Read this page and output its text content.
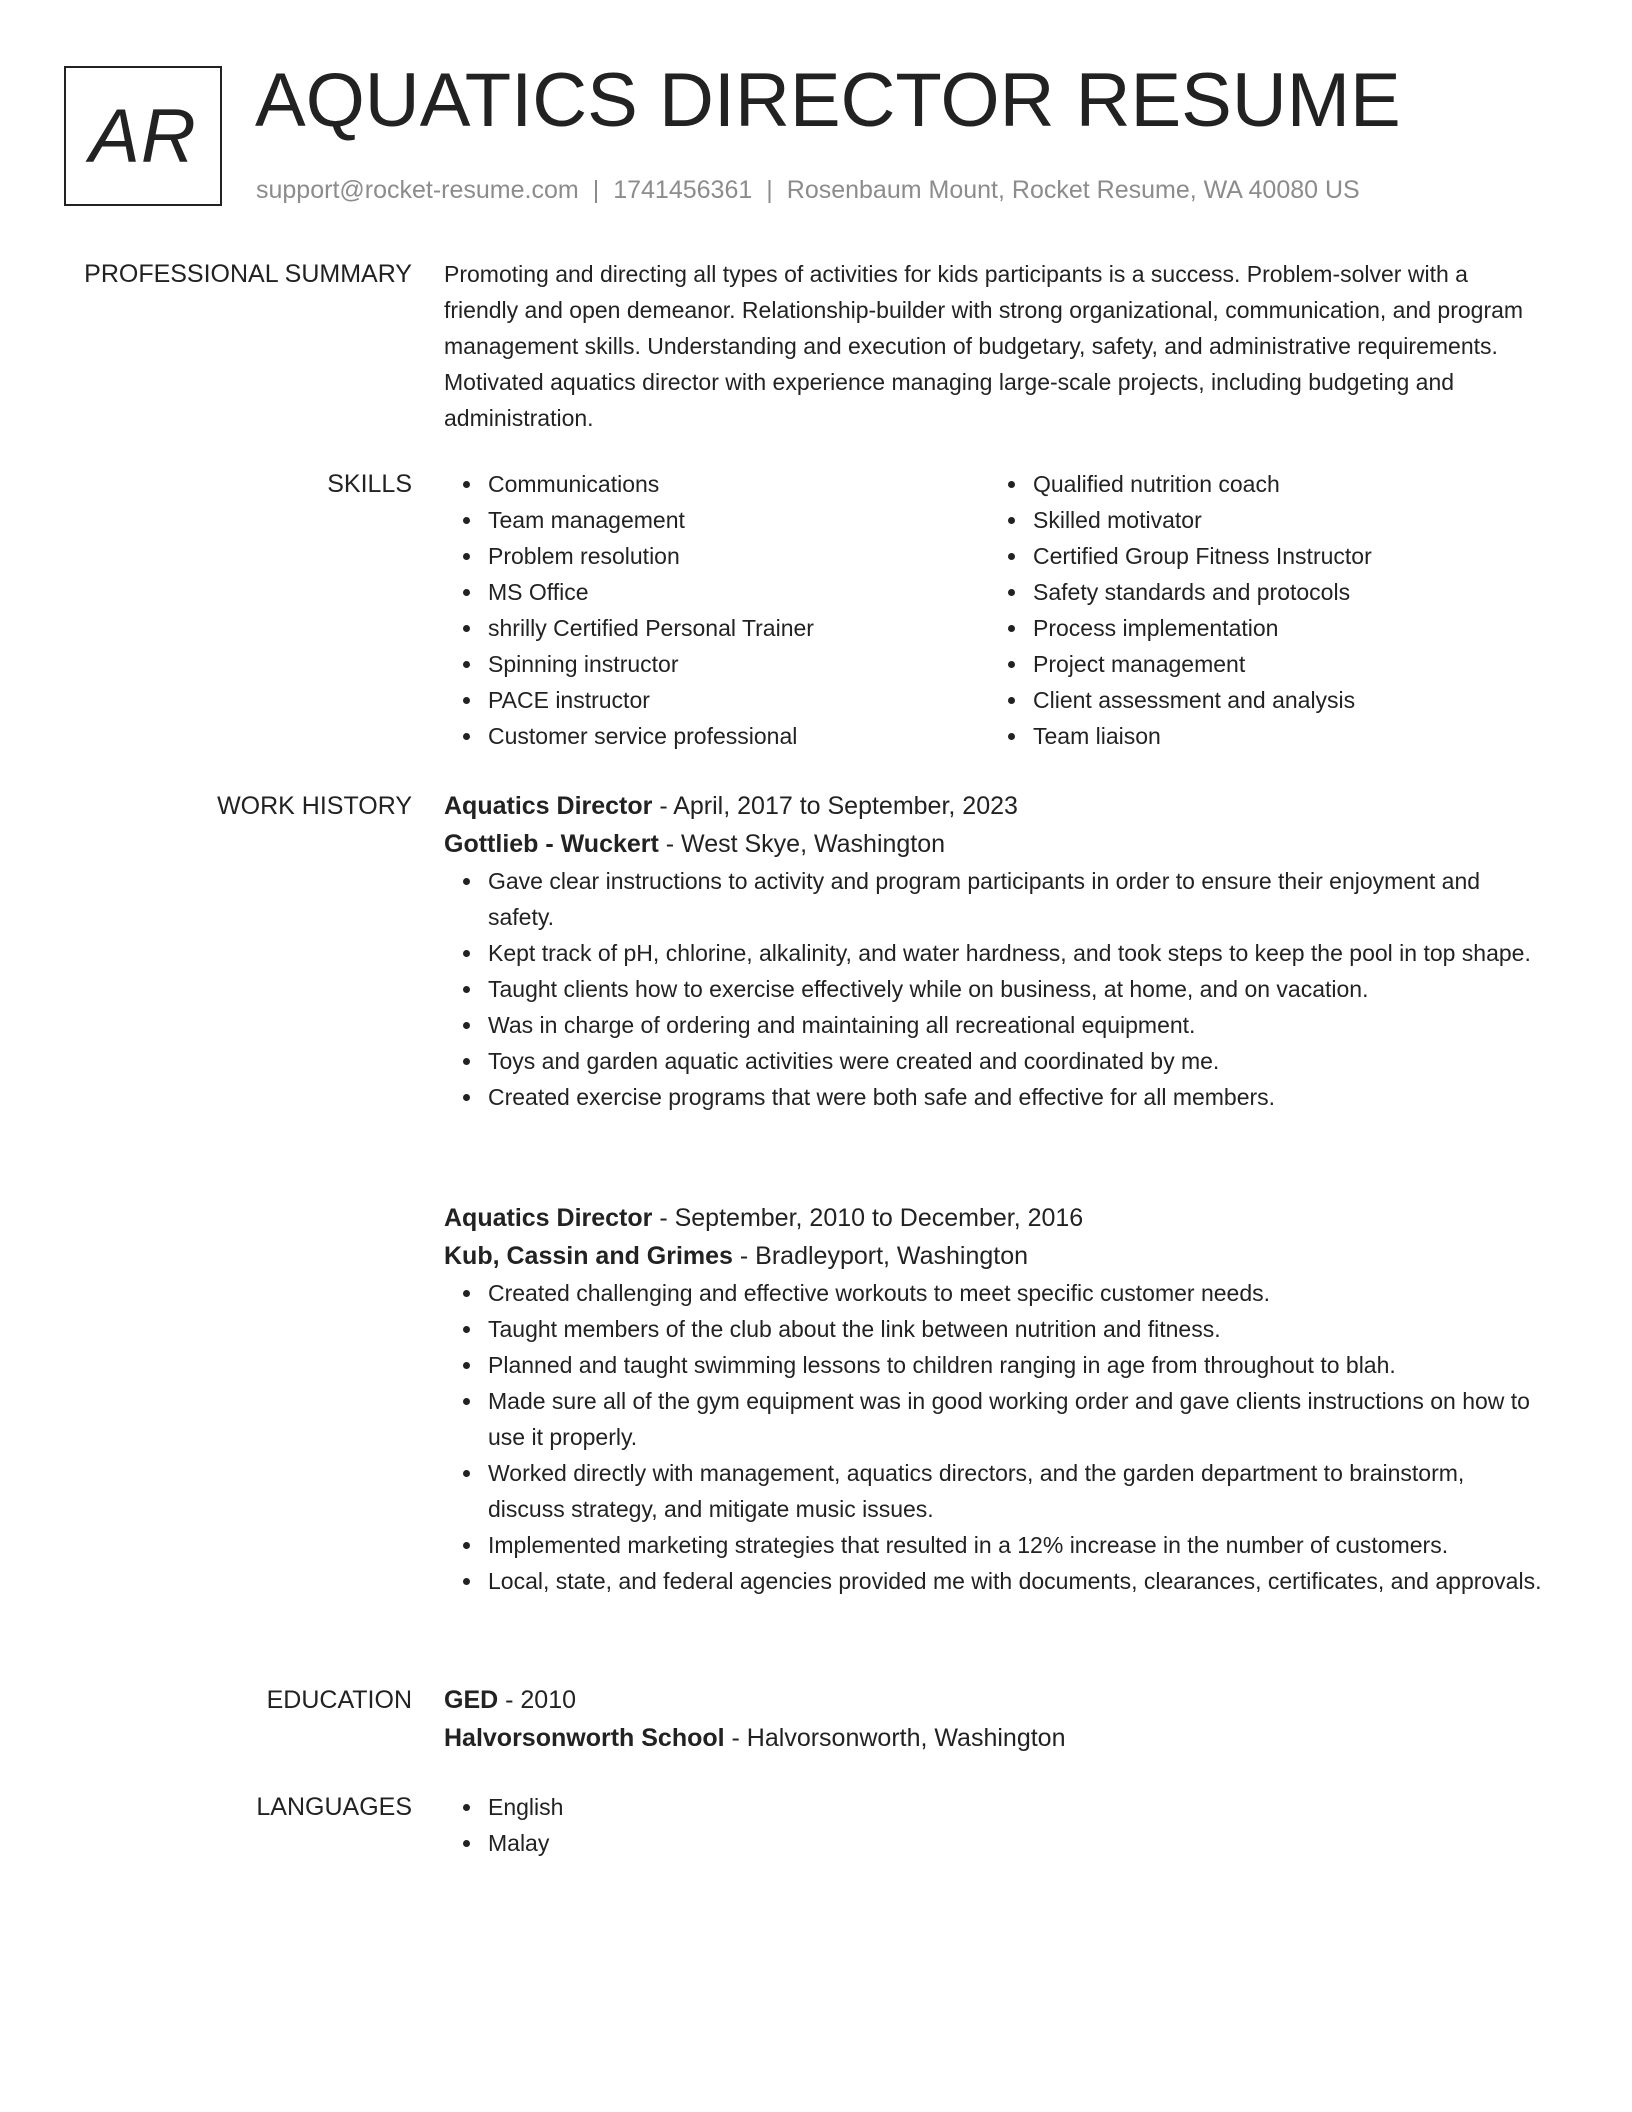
AR AQUATICS DIRECTOR RESUME
support@rocket-resume.com | 1741456361 | Rosenbaum Mount, Rocket Resume, WA 40080 US
PROFESSIONAL SUMMARY Promoting and directing all types of activities for kids participants is a success. Problem-solver with a friendly and open demeanor. Relationship-builder with strong organizational, communication, and program management skills. Understanding and execution of budgetary, safety, and administrative requirements. Motivated aquatics director with experience managing large-scale projects, including budgeting and administration.

SKILLS	Communications
Team management
Problem resolution
MS Office
shrilly Certified Personal Trainer
Spinning instructor
PACE instructor
Customer service professional
Qualified nutrition coach
Skilled motivator
Certified Group Fitness Instructor
Safety standards and protocols
Process implementation
Project management
Client assessment and analysis
Team liaison
WORK HISTORY Aquatics Director - April, 2017 to September, 2023
Gottlieb - Wuckert - West Skye, Washington
Gave clear instructions to activity and program participants in order to ensure their enjoyment and safety.
Kept track of pH, chlorine, alkalinity, and water hardness, and took steps to keep the pool in top shape.
Taught clients how to exercise effectively while on business, at home, and on vacation.
Was in charge of ordering and maintaining all recreational equipment.
Toys and garden aquatic activities were created and coordinated by me.
Created exercise programs that were both safe and effective for all members.
Aquatics Director - September, 2010 to December, 2016
Kub, Cassin and Grimes - Bradleyport, Washington
Created challenging and effective workouts to meet specific customer needs.
Taught members of the club about the link between nutrition and fitness.
Planned and taught swimming lessons to children ranging in age from throughout to blah.
Made sure all of the gym equipment was in good working order and gave clients instructions on how to use it properly.
Worked directly with management, aquatics directors, and the garden department to brainstorm, discuss strategy, and mitigate music issues.
Implemented marketing strategies that resulted in a 12% increase in the number of customers.
Local, state, and federal agencies provided me with documents, clearances, certificates, and approvals.
EDUCATION GED - 2010
Halvorsonworth School - Halvorsonworth, Washington
LANGUAGES	English
Malay
